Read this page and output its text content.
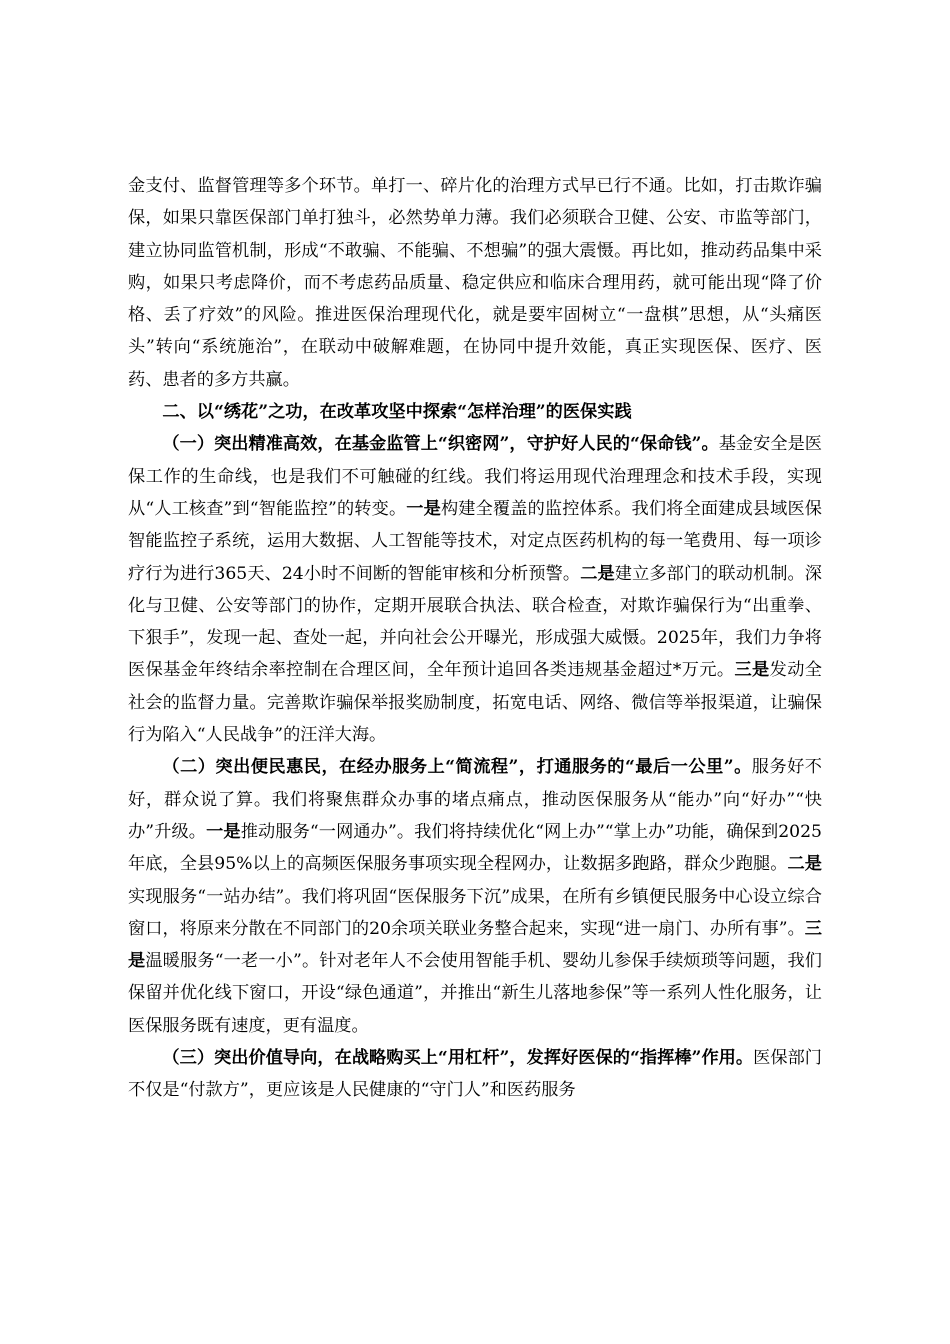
金支付、监督管理等多个环节。单打一、碎片化的治理方式早已行不通。比如，打击欺诈骗保，如果只靠医保部门单打独斗，必然势单力薄。我们必须联合卫健、公安、市监等部门，建立协同监管机制，形成“不敢骗、不能骗、不想骗”的强大震慑。再比如，推动药品集中采购，如果只考虑降价，而不考虑药品质量、稳定供应和临床合理用药，就可能出现“降了价格、丢了疗效”的风险。推进医保治理现代化，就是要牢固树立“一盘棋”思想，从“头痛医头”转向“系统施治”，在联动中破解难题，在协同中提升效能，真正实现医保、医疗、医药、患者的多方共赢。

二、以“绣花”之功，在改革攻坚中探索“怎样治理”的医保实践

（一）突出精准高效，在基金监管上“织密网”，守护好人民的“保命钱”。基金安全是医保工作的生命线，也是我们不可触碰的红线。我们将运用现代治理理念和技术手段，实现从“人工核查”到“智能监控”的转变。一是构建全覆盖的监控体系。我们将全面建成县域医保智能监控子系统，运用大数据、人工智能等技术，对定点医药机构的每一笔费用、每一项诊疗行为进行365天、24小时不间断的智能审核和分析预警。二是建立多部门的联动机制。深化与卫健、公安等部门的协作，定期开展联合执法、联合检查，对欺诈骗保行为“出重拳、下狠手”，发现一起、查处一起，并向社会公开曝光，形成强大威慑。2025年，我们力争将医保基金年终结余率控制在合理区间，全年预计追回各类违规基金超过*万元。三是发动全社会的监督力量。完善欺诈骗保举报奖励制度，拓宽电话、网络、微信等举报渠道，让骗保行为陷入“人民战争”的汪洋大海。

（二）突出便民惠民，在经办服务上“简流程”，打通服务的“最后一公里”。服务好不好，群众说了算。我们将聚焦群众办事的堵点痛点，推动医保服务从“能办”向“好办”“快办”升级。一是推动服务“一网通办”。我们将持续优化“网上办”“掌上办”功能，确保到2025年底，全县95%以上的高频医保服务事项实现全程网办，让数据多跑路，群众少跑腿。二是实现服务“一站办结”。我们将巩固“医保服务下沉”成果，在所有乡镇便民服务中心设立综合窗口，将原来分散在不同部门的20余项关联业务整合起来，实现“进一扇门、办所有事”。三是温暖服务“一老一小”。针对老年人不会使用智能手机、婴幼儿参保手续烦琐等问题，我们保留并优化线下窗口，开设“绿色通道”，并推出“新生儿落地参保”等一系列人性化服务，让医保服务既有速度，更有温度。

（三）突出价值导向，在战略购买上“用杠杆”，发挥好医保的“指挥棒”作用。医保部门不仅是“付款方”，更应该是人民健康的“守门人”和医药服务
